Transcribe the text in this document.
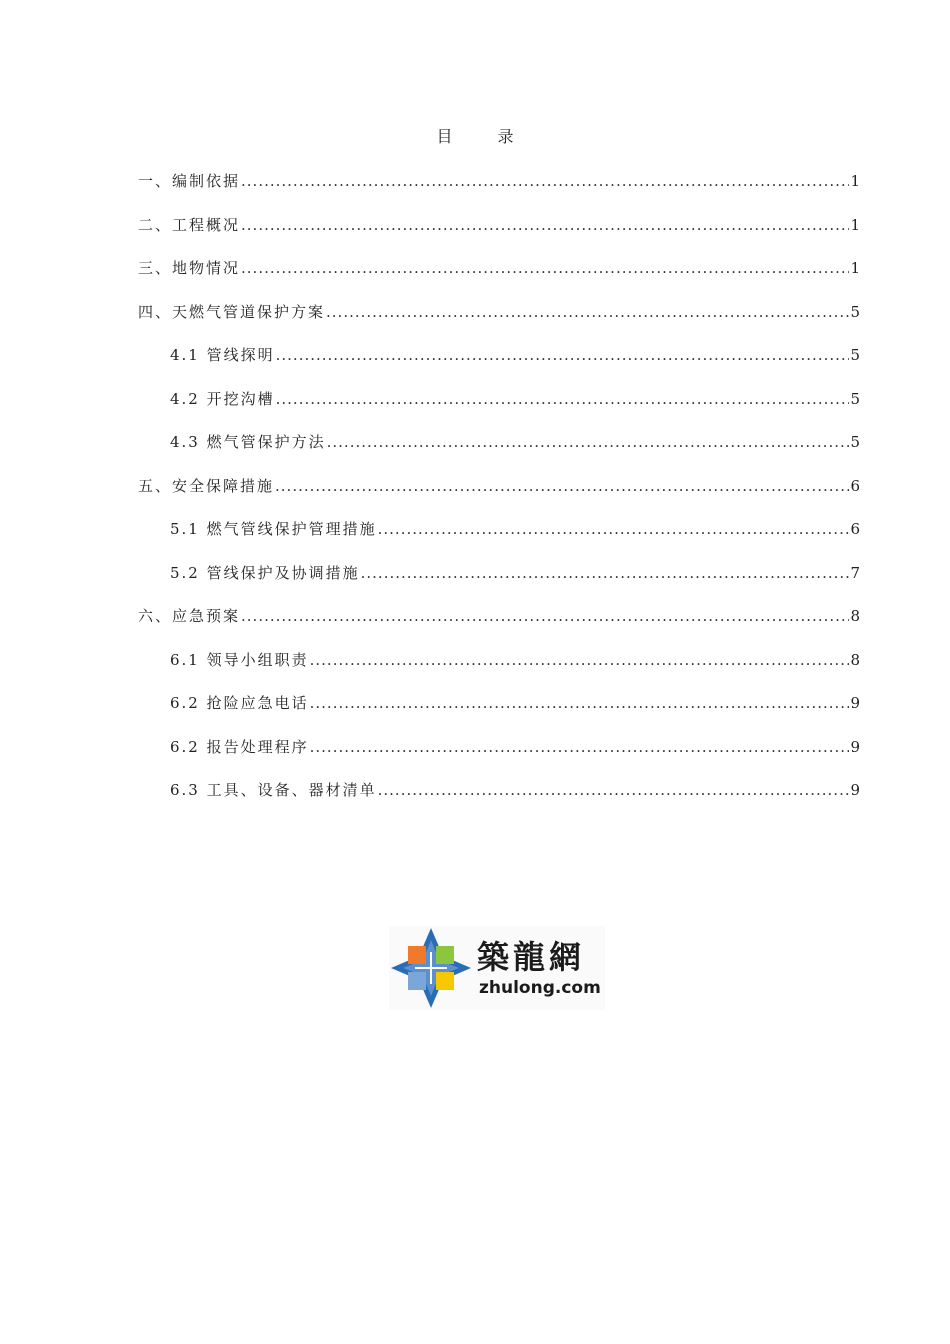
目 录
一、编制依据 .....	1
二、工程概况 .....	1
三、地物情况 .....	1
四、天燃气管道保护方案 .....	5
4.1 管线探明 .....	5
4.2 开挖沟槽 .....	5
4.3 燃气管保护方法 .....	5
五、安全保障措施 .....	6
5.1 燃气管线保护管理措施 .....	6
5.2 管线保护及协调措施 .....	7
六、应急预案 .....	8
6.1 领导小组职责 .....	8
6.2 抢险应急电话 .....	9
6.2 报告处理程序 .....	9
6.3 工具、设备、器材清单 .....	9
築龍網
zhulong.com
